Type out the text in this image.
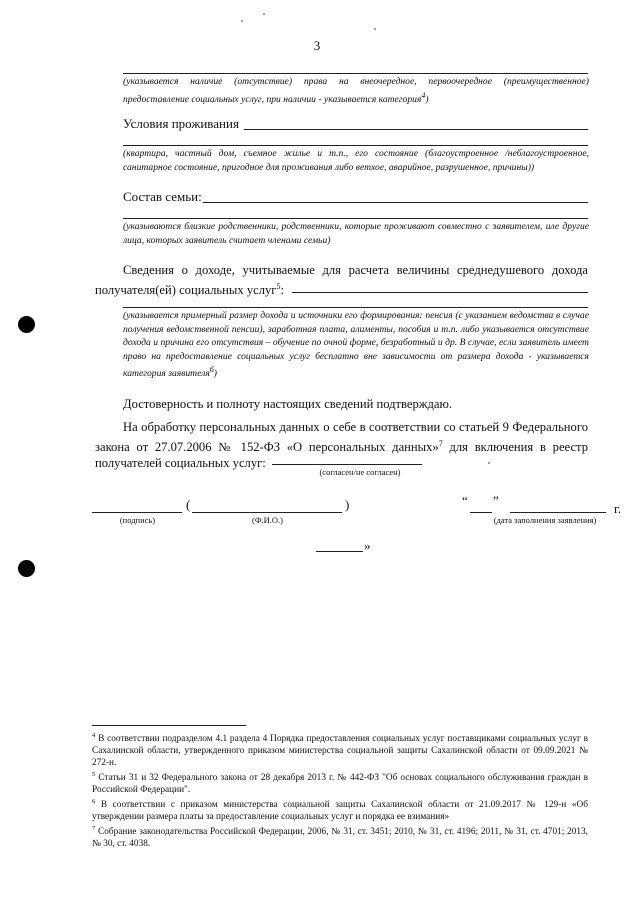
3
(указывается наличие (отсутствие) права на внеочередное, первоочередное (преимущественное) предоставление социальных услуг, при наличии - указывается категория$^4$)
Условия проживания
(квартира, частный дом, съемное жилье и т.п., его состояние (благоустроенное /неблагоустроенное, санитарное состояние, пригодное для проживания либо ветхое, аварийное, разрушенное, причины))
Состав семьи:
(указываются близкие родственники, родственники, которые проживают совместно с заявителем, иле другие лица, которых заявитель считает членами семьи)
Сведения о доходе, учитываемые для расчета величины среднедушевого дохода получателя(ей) социальных услуг$^5$:
(указывается примерный размер дохода и источники его формирования: пенсия (с указанием ведомства в случае получения ведомственной пенсии), заработная плата, алименты, пособия и т.п. либо указывается отсутствие дохода и причина его отсутствия – обучение по очной форме, безработный и др. В случае, если заявитель имеет право на предоставление социальных услуг бесплатно вне зависимости от размера дохода - указывается категория заявителя$^6$)
Достоверность и полноту настоящих сведений подтверждаю.
На обработку персональных данных о себе в соответствии со статьей 9 Федерального закона от 27.07.2006 № 152-ФЗ «О персональных данных»$^7$ для включения в реестр получателей социальных услуг:
(согласен/не согласен)
(	)	“ ”
г.
(подпись)	(Ф.И.О.)	(дата заполнения заявления)
»
$^4$ В соответствии подразделом 4.1 раздела 4 Порядка предоставления социальных услуг поставщиками социальных услуг в Сахалинской области, утвержденного приказом министерства социальной защиты Сахалинской области от 09.09.2021 № 272-н.
$^5$ Статьи 31 и 32 Федерального закона от 28 декабря 2013 г. № 442-ФЗ "Об основах социального обслуживания граждан в Российской Федерации".
$^6$ В соответствии с приказом министерства социальной защиты Сахалинской области от 21.09.2017 № 129-н «Об утверждении размера платы за предоставление социальных услуг и порядка ее взимания»
$^7$ Собрание законодательства Российской Федерации, 2006, № 31, ст. 3451; 2010, № 31, ст. 4196; 2011, № 31, ст. 4701; 2013, № 30, ст. 4038.
